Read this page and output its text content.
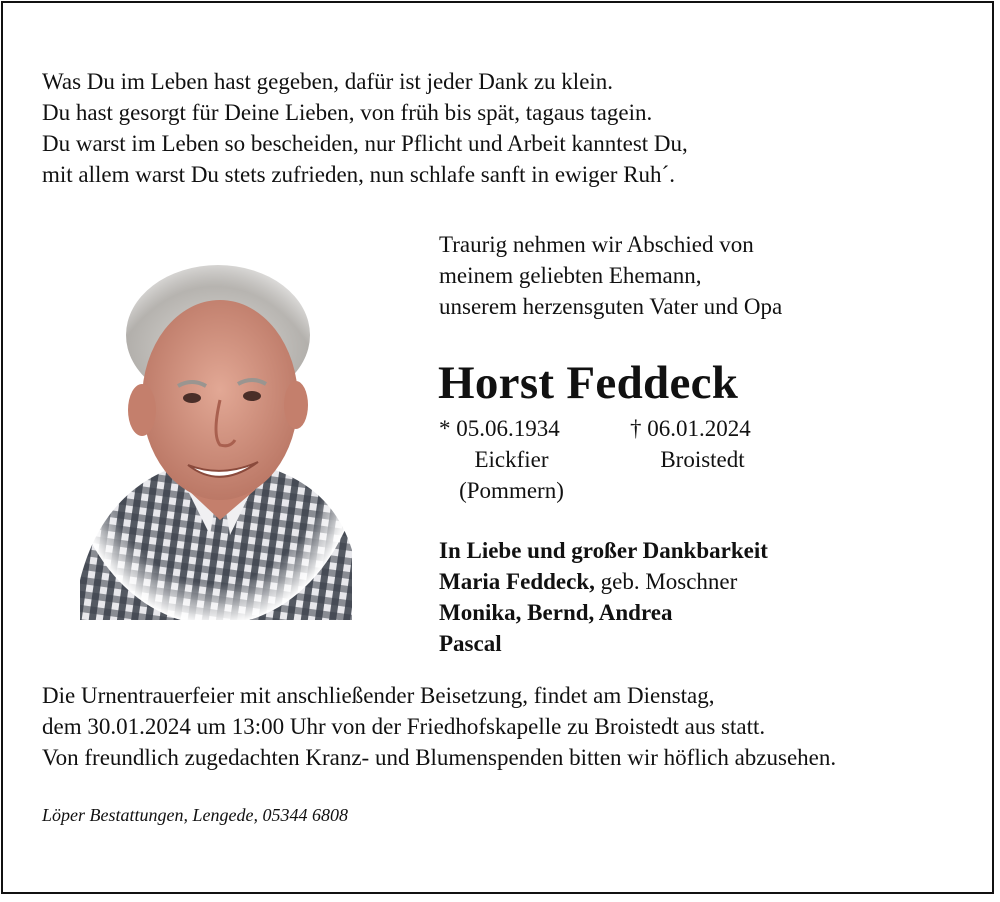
Was Du im Leben hast gegeben, dafür ist jeder Dank zu klein.
Du hast gesorgt für Deine Lieben, von früh bis spät, tagaus tagein.
Du warst im Leben so bescheiden, nur Pflicht und Arbeit kanntest Du,
mit allem warst Du stets zufrieden, nun schlafe sanft in ewiger Ruh´.
Traurig nehmen wir Abschied von
meinem geliebten Ehemann,
unserem herzensguten Vater und Opa
Horst Feddeck
* 05.06.1934
Eickfier
(Pommern)
† 06.01.2024
Broistedt
In Liebe und großer Dankbarkeit
Maria Feddeck, geb. Moschner
Monika, Bernd, Andrea
Pascal
Die Urnentrauerfeier mit anschließender Beisetzung, findet am Dienstag,
dem 30.01.2024 um 13:00 Uhr von der Friedhofskapelle zu Broistedt aus statt.
Von freundlich zugedachten Kranz- und Blumenspenden bitten wir höflich abzusehen.
Löper Bestattungen, Lengede, 05344 6808
